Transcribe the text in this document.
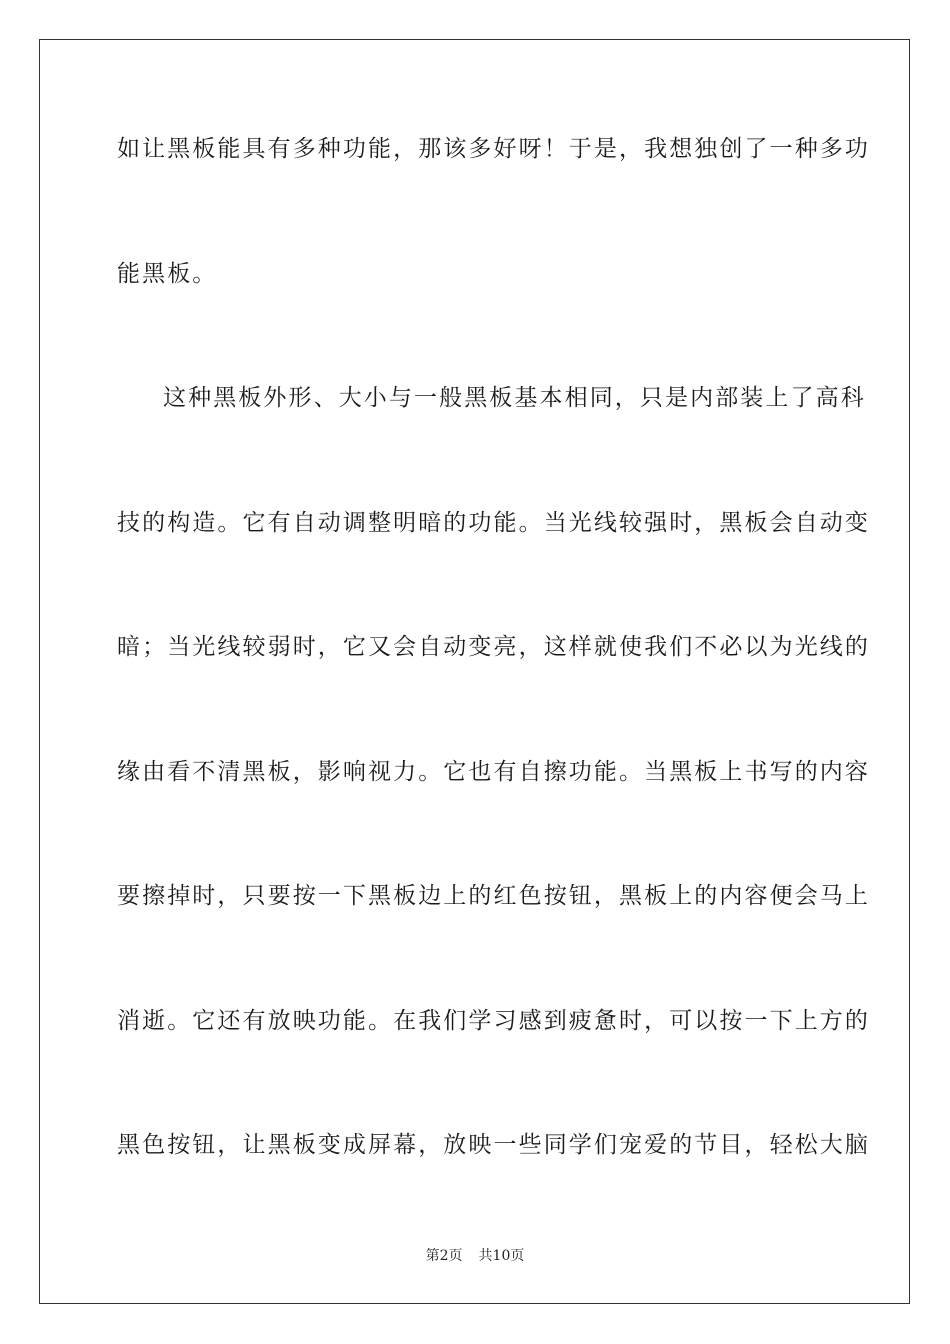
如让黑板能具有多种功能，那该多好呀！于是，我想独创了一种多功
能黑板。
这种黑板外形、大小与一般黑板基本相同，只是内部装上了高科
技的构造。它有自动调整明暗的功能。当光线较强时，黑板会自动变
暗；当光线较弱时，它又会自动变亮，这样就使我们不必以为光线的
缘由看不清黑板，影响视力。它也有自擦功能。当黑板上书写的内容
要擦掉时，只要按一下黑板边上的红色按钮，黑板上的内容便会马上
消逝。它还有放映功能。在我们学习感到疲惫时，可以按一下上方的
黑色按钮，让黑板变成屏幕，放映一些同学们宠爱的节目，轻松大脑
第2页 共10页
